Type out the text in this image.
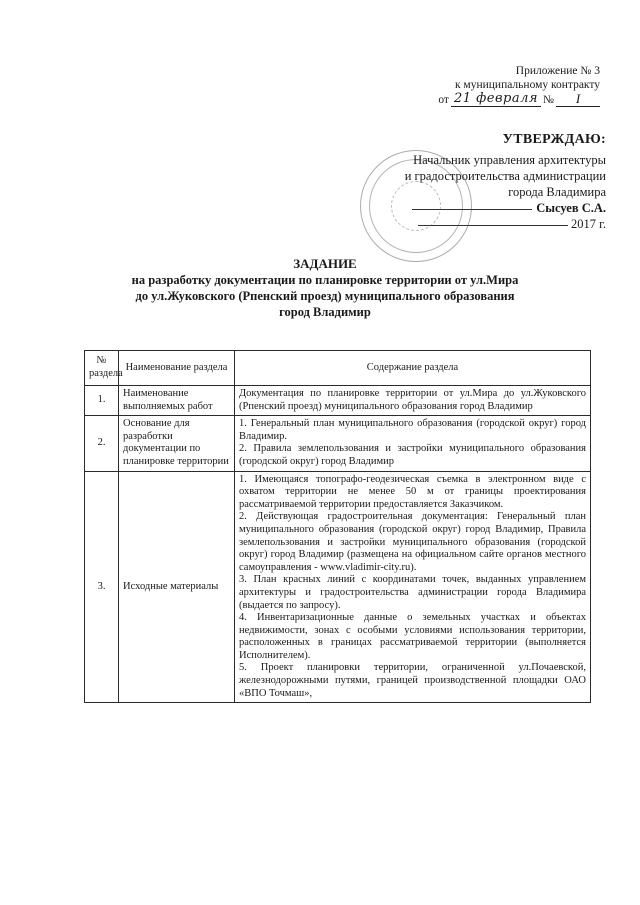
Приложение № 3
к муниципальному контракту
от 21 февраля №	I
УТВЕРЖДАЮ:
Начальник управления архитектуры
и градостроительства администрации
города Владимира
Сысуев С.А.
2017 г.
ЗАДАНИЕ
на разработку документации по планировке территории от ул.Мира
до ул.Жуковского (Рпенский проезд) муниципального образования
город Владимир
№ раздела	Наименование раздела	Содержание раздела
1.	Наименование выполняемых работ	Документация по планировке территории от ул.Мира до ул.Жуковского (Рпенский проезд) муниципального образования город Владимир

2.	Основание для разработки документации по планировке территории	1. Генеральный план муниципального образования (городской округ) город Владимир.

2. Правила землепользования и застройки муниципального образования (городской округ) город Владимир

3.	Исходные материалы	1. Имеющаяся топографо-геодезическая съемка в электронном виде с охватом территории не менее 50 м от границы проектирования рассматриваемой территории предоставляется Заказчиком.

2. Действующая градостроительная документация: Генеральный план муниципального образования (городской округ) город Владимир, Правила землепользования и застройки муниципального образования (городской округ) город Владимир (размещена на официальном сайте органов местного самоуправления - www.vladimir-city.ru).

3. План красных линий с координатами точек, выданных управлением архитектуры и градостроительства администрации города Владимира (выдается по запросу).

4. Инвентаризационные данные о земельных участках и объектах недвижимости, зонах с особыми условиями использования территории, расположенных в границах рассматриваемой территории (выполняется Исполнителем).

5. Проект планировки территории, ограниченной ул.Почаевской, железнодорожными путями, границей производственной площадки ОАО «ВПО Точмаш»,
